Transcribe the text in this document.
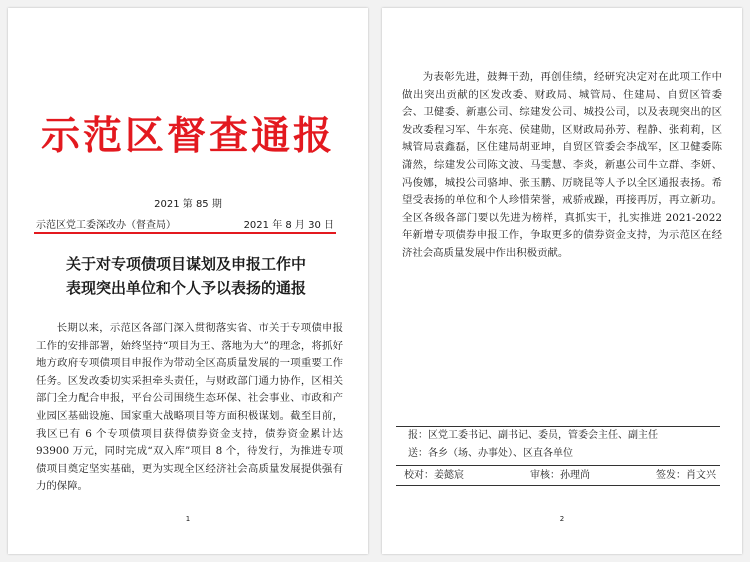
示范区督查通报
2021 第 85 期
示范区党工委深改办（督查局）	2021 年 8 月 30 日
关于对专项债项目谋划及申报工作中
表现突出单位和个人予以表扬的通报

长期以来，示范区各部门深入贯彻落实省、市关于专项债申报工作的安排部署，始终坚持“项目为王、落地为大”的理念，将抓好地方政府专项债项目申报作为带动全区高质量发展的一项重要工作任务。区发改委切实采担牵头责任，与财政部门通力协作，区相关部门全力配合申报，平台公司围绕生态环保、社会事业、市政和产业园区基础设施、国家重大战略项目等方面积极谋划。截至目前，我区已有 6 个专项债项目获得债券资金支持，债券资金累计达 93900 万元，同时完成“双入库”项目 8 个，待发行，为推进专项债项目奠定坚实基础，更为实现全区经济社会高质量发展提供强有力的保障。

1

为表彰先进，鼓舞干劲，再创佳绩，经研究决定对在此项工作中做出突出贡献的区发改委、财政局、城管局、住建局、自贸区管委会、卫健委、新惠公司、综建发公司、城投公司，以及表现突出的区发改委程习军、牛东亮、侯建勋，区财政局孙芳、程静、张莉莉，区城管局袁鑫磊，区住建局胡亚坤，自贸区管委会李战军，区卫健委陈潇然，综建发公司陈文波、马雯慧、李炎，新惠公司牛立群、李妍、冯俊娜，城投公司骆坤、张玉鹏、厉晓昆等人予以全区通报表扬。希望受表扬的单位和个人珍惜荣誉，戒骄戒躁，再接再厉，再立新功。全区各级各部门要以先进为榜样，真抓实干，扎实推进 2021-2022 年新增专项债券申报工作，争取更多的债券资金支持，为示范区在经济社会高质量发展中作出积极贡献。

报：区党工委书记、副书记、委员，管委会主任、副主任
送：各乡（场、办事处）、区直各单位
校对：姜懿宸	审核：孙理尚	签发：肖文兴
2
